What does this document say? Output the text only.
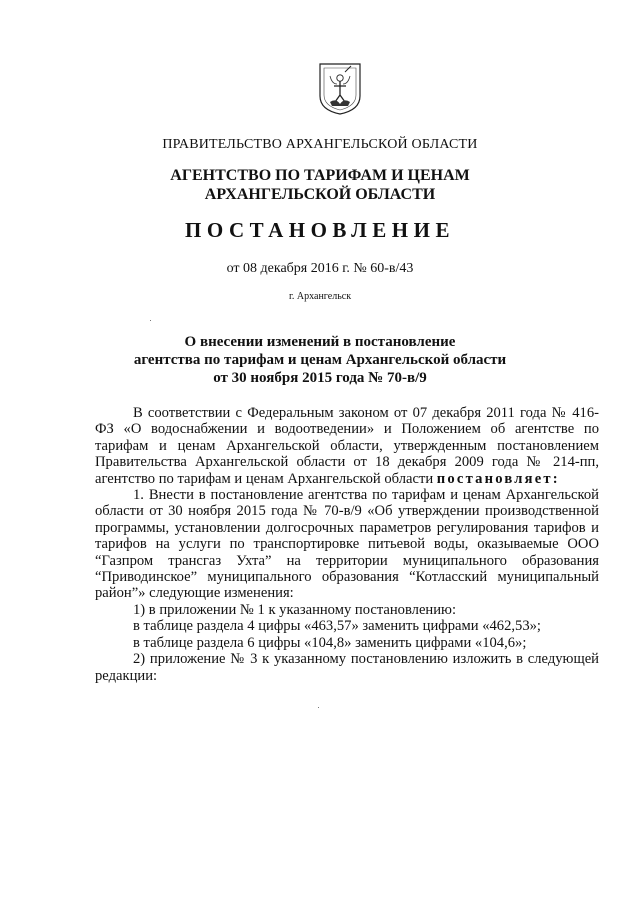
ПРАВИТЕЛЬСТВО АРХАНГЕЛЬСКОЙ ОБЛАСТИ
АГЕНТСТВО ПО ТАРИФАМ И ЦЕНАМ
АРХАНГЕЛЬСКОЙ ОБЛАСТИ
ПОСТАНОВЛЕНИЕ
от 08 декабря 2016 г. № 60-в/43
г. Архангельск
О внесении изменений в постановление
агентства по тарифам и ценам Архангельской области
от 30 ноября 2015 года № 70-в/9

В соответствии с Федеральным законом от 07 декабря 2011 года № 416-ФЗ «О водоснабжении и водоотведении» и Положением об агентстве по тарифам и ценам Архангельской области, утвержденным постановлением Правительства Архангельской области от 18 декабря 2009 года № 214-пп, агентство по тарифам и ценам Архангельской области постановляет:

1. Внести в постановление агентства по тарифам и ценам Архангельской области от 30 ноября 2015 года № 70-в/9 «Об утверждении производственной программы, установлении долгосрочных параметров регулирования тарифов и тарифов на услуги по транспортировке питьевой воды, оказываемые ООО “Газпром трансгаз Ухта” на территории муниципального образования “Приводинское” муниципального образования “Котласский муниципальный район”» следующие изменения:

1) в приложении № 1 к указанному постановлению:

в таблице раздела 4 цифры «463,57» заменить цифрами «462,53»;

в таблице раздела 6 цифры «104,8» заменить цифрами «104,6»;

2) приложение № 3 к указанному постановлению изложить в следующей редакции:
